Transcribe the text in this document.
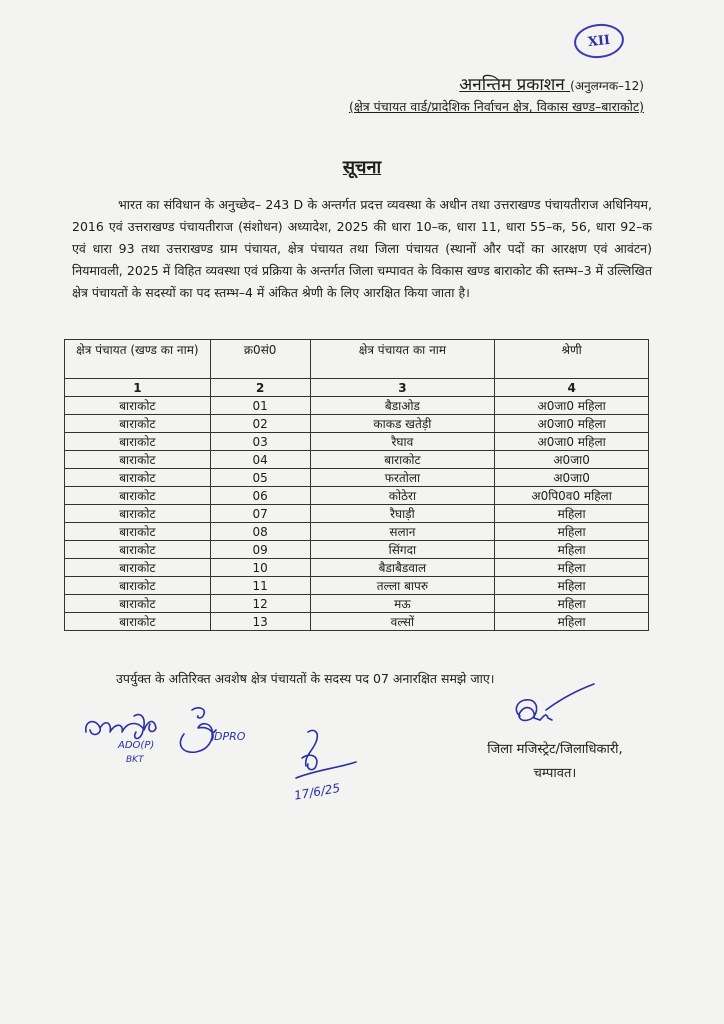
XII
अनन्तिम प्रकाशन (अनुलग्नक–12)
(क्षेत्र पंचायत वार्ड/प्रादेशिक निर्वाचन क्षेत्र, विकास खण्ड–बाराकोट)
सूचना
भारत का संविधान के अनुच्छेद– 243 D के अन्तर्गत प्रदत्त व्यवस्था के अधीन तथा उत्तराखण्ड पंचायतीराज अधिनियम, 2016 एवं उत्तराखण्ड पंचायतीराज (संशोधन) अध्यादेश, 2025 की धारा 10–क, धारा 11, धारा 55–क, 56, धारा 92–क एवं धारा 93 तथा उत्तराखण्ड ग्राम पंचायत, क्षेत्र पंचायत तथा जिला पंचायत (स्थानों और पदों का आरक्षण एवं आवंटन) नियमावली, 2025 में विहित व्यवस्था एवं प्रक्रिया के अन्तर्गत जिला चम्पावत के विकास खण्ड बाराकोट की स्तम्भ–3 में उल्लिखित क्षेत्र पंचायतों के सदस्यों का पद स्तम्भ–4 में अंकित श्रेणी के लिए आरक्षित किया जाता है।
क्षेत्र पंचायत (खण्ड का नाम)	क्र0सं0	क्षेत्र पंचायत का नाम	श्रेणी
1	2	3	4
बाराकोट	01	बैडाओड	अ0जा0 महिला
बाराकोट	02	काकड खतेड़ी	अ0जा0 महिला
बाराकोट	03	रैघाव	अ0जा0 महिला
बाराकोट	04	बाराकोट	अ0जा0
बाराकोट	05	फरतोला	अ0जा0
बाराकोट	06	कोठेरा	अ0पि0व0 महिला
बाराकोट	07	रैघाड़ी	महिला
बाराकोट	08	सलान	महिला
बाराकोट	09	सिंगदा	महिला
बाराकोट	10	बैडाबैडवाल	महिला
बाराकोट	11	तल्ला बापरु	महिला
बाराकोट	12	मऊ	महिला
बाराकोट	13	वल्सों	महिला
उपर्युक्त के अतिरिक्त अवशेष क्षेत्र पंचायतों के सदस्य पद 07 अनारक्षित समझे जाए।
ADO(P)
BKT
DPRO
17/6/25
जिला मजिस्ट्रेट/जिलाधिकारी,
चम्पावत।
